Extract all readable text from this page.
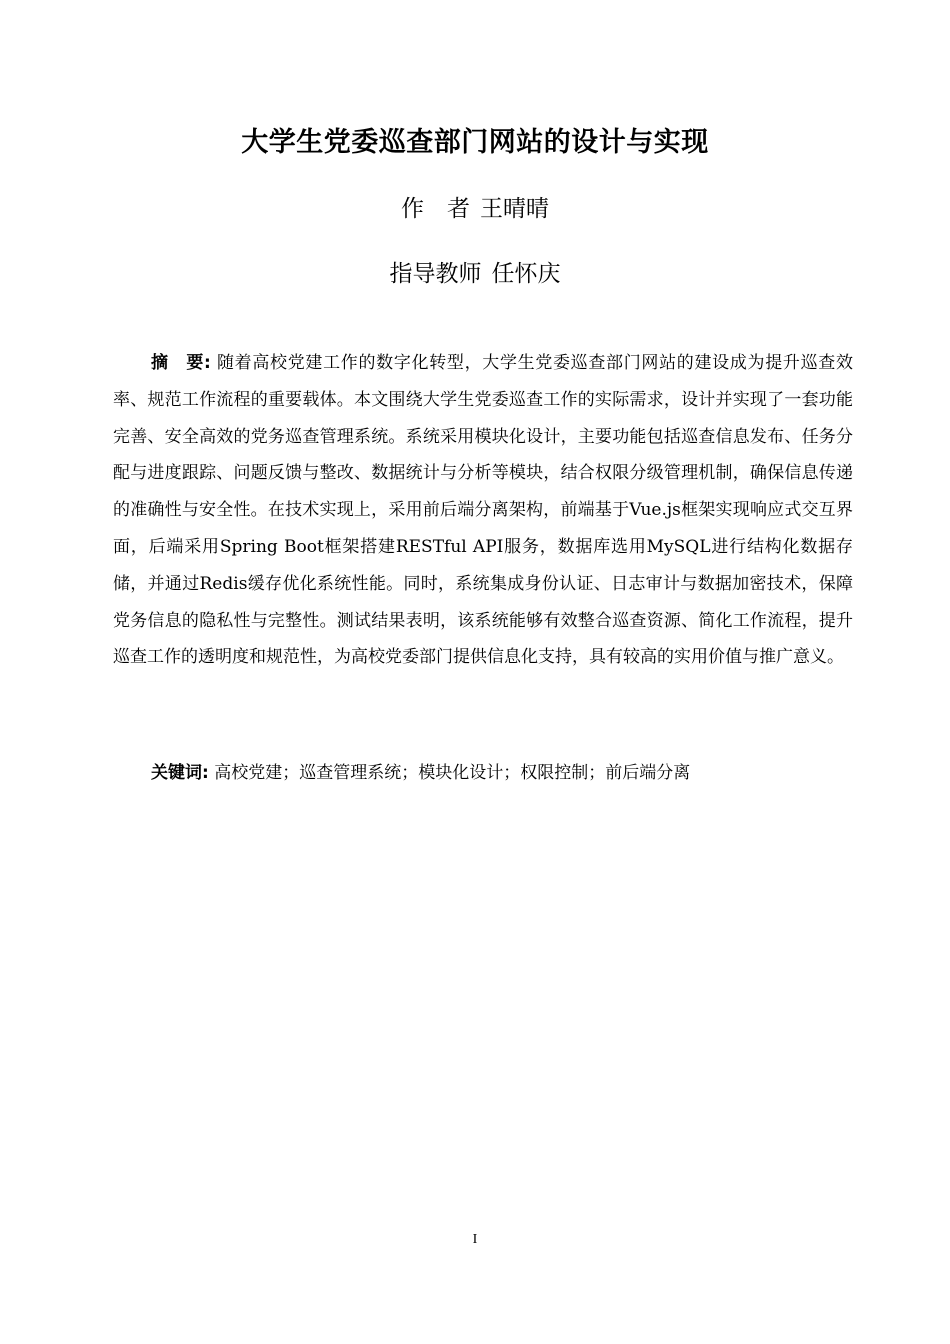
大学生党委巡查部门网站的设计与实现
作　者 王晴晴
指导教师 任怀庆

摘　要: 随着高校党建工作的数字化转型，大学生党委巡查部门网站的建设成为提升巡查效率、规范工作流程的重要载体。本文围绕大学生党委巡查工作的实际需求，设计并实现了一套功能完善、安全高效的党务巡查管理系统。系统采用模块化设计，主要功能包括巡查信息发布、任务分配与进度跟踪、问题反馈与整改、数据统计与分析等模块，结合权限分级管理机制，确保信息传递的准确性与安全性。在技术实现上，采用前后端分离架构，前端基于Vue.js框架实现响应式交互界面，后端采用Spring Boot框架搭建RESTful API服务，数据库选用MySQL进行结构化数据存储，并通过Redis缓存优化系统性能。同时，系统集成身份认证、日志审计与数据加密技术，保障党务信息的隐私性与完整性。测试结果表明，该系统能够有效整合巡查资源、简化工作流程，提升巡查工作的透明度和规范性，为高校党委部门提供信息化支持，具有较高的实用价值与推广意义。

关键词: 高校党建；巡查管理系统；模块化设计；权限控制；前后端分离
I
